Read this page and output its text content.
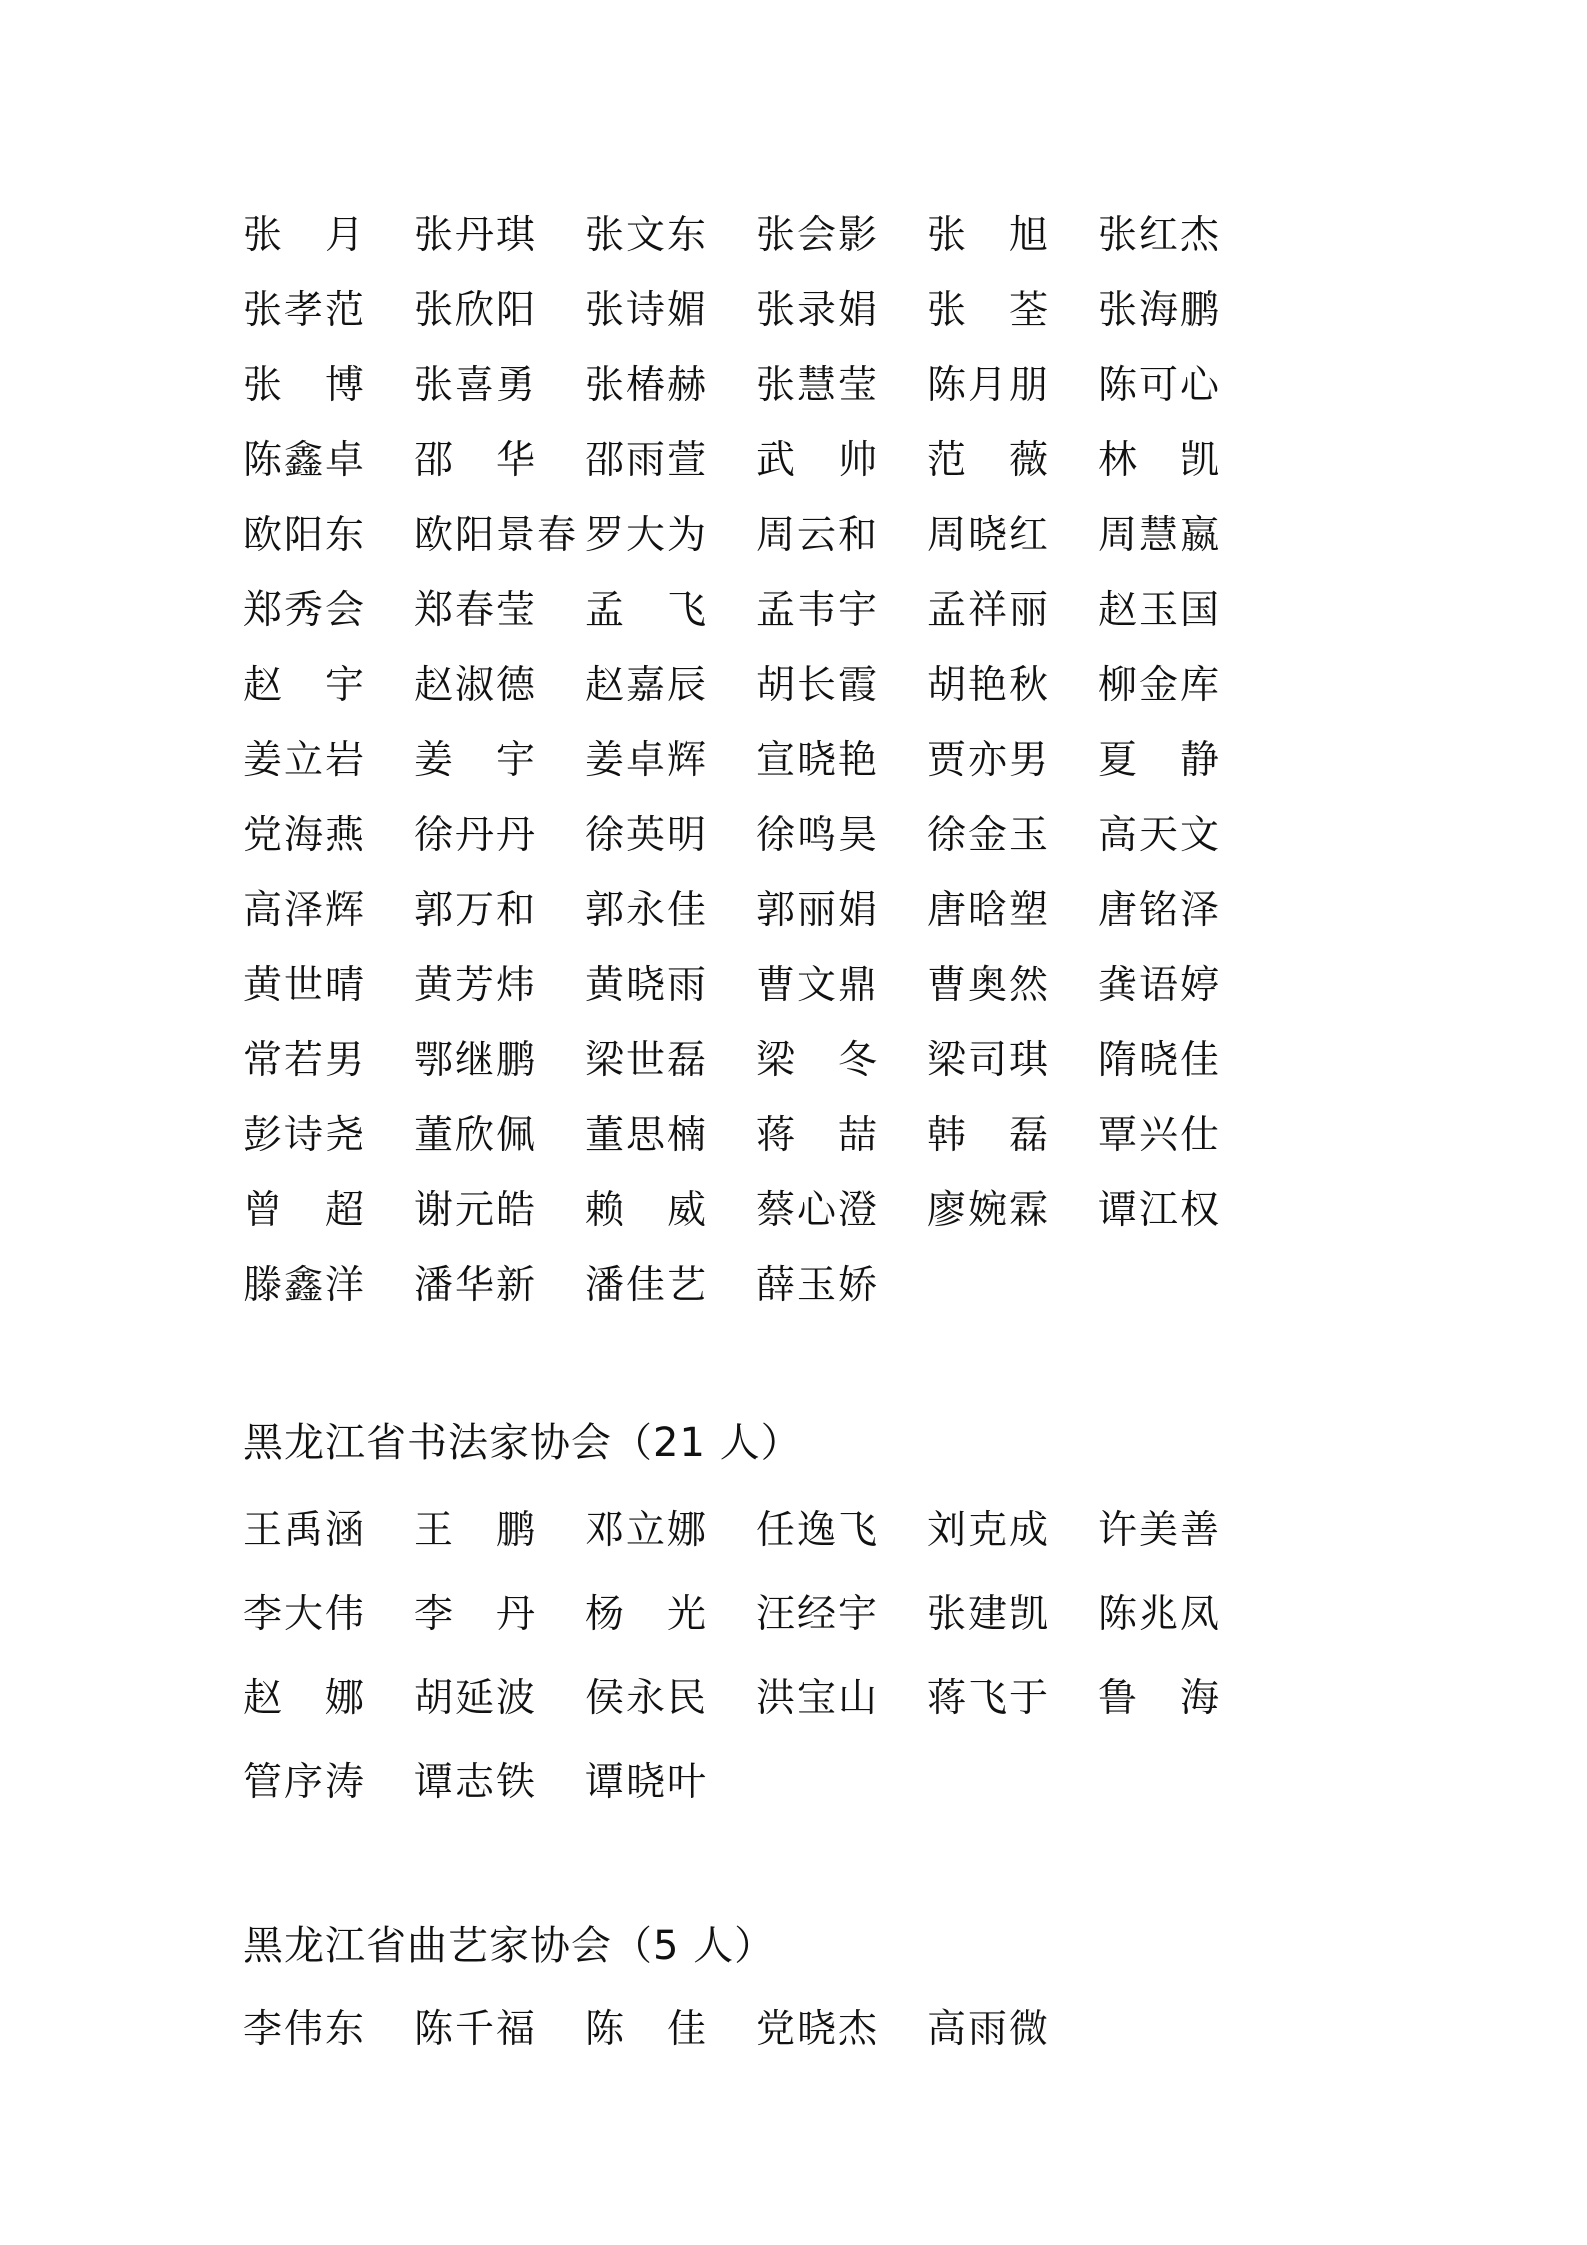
张　月	张丹琪	张文东	张会影	张　旭	张红杰
张孝范	张欣阳	张诗媚	张录娟	张　荃	张海鹏
张　博	张喜勇	张椿赫	张慧莹	陈月朋	陈可心
陈鑫卓	邵　华	邵雨萱	武　帅	范　薇	林　凯
欧阳东	欧阳景春 罗大为	周云和	周晓红	周慧嬴
郑秀会	郑春莹	孟　飞	孟韦宇	孟祥丽	赵玉国
赵　宇	赵淑德	赵嘉辰	胡长霞	胡艳秋	柳金库
姜立岩	姜　宇	姜卓辉	宣晓艳	贾亦男	夏　静
党海燕	徐丹丹	徐英明	徐鸣昊	徐金玉	高天文
高泽辉	郭万和	郭永佳	郭丽娟	唐晗塑	唐铭泽
黄世晴	黄芳炜	黄晓雨	曹文鼎	曹奥然	龚语婷
常若男	鄂继鹏	梁世磊	梁　冬	梁司琪	隋晓佳
彭诗尧	董欣佩	董思楠	蒋　喆	韩　磊	覃兴仕
曾　超	谢元皓	赖　威	蔡心澄	廖婉霖	谭江权
滕鑫洋	潘华新	潘佳艺	薛玉娇
黑龙江省书法家协会（21 人）
王禹涵	王　鹏	邓立娜	任逸飞	刘克成	许美善
李大伟	李　丹	杨　光	汪经宇	张建凯	陈兆凤
赵　娜	胡延波	侯永民	洪宝山	蒋飞于	鲁　海
管序涛	谭志铁	谭晓叶
黑龙江省曲艺家协会（5 人）
李伟东	陈千福	陈　佳	党晓杰	高雨微
